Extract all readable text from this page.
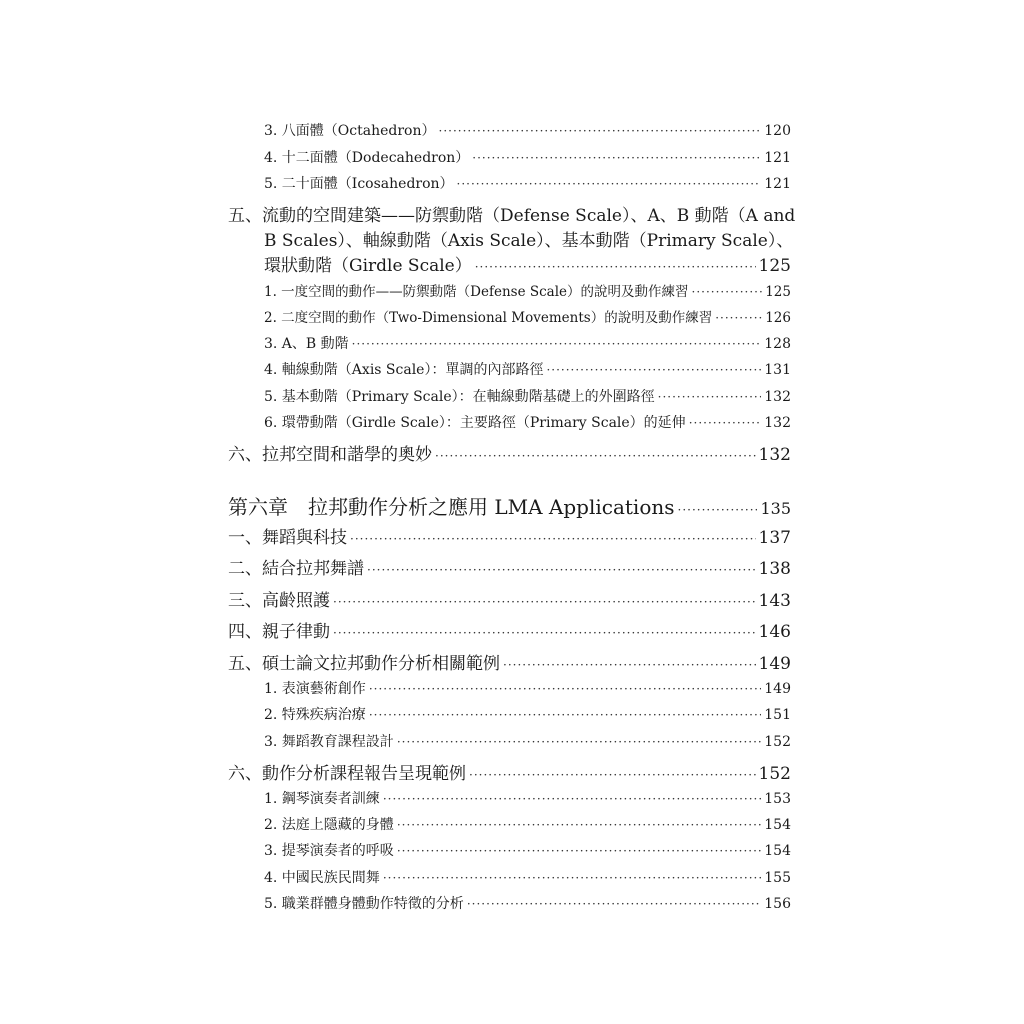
3. 八面體（Octahedron） ·····	120
4. 十二面體（Dodecahedron） ·····	121
5. 二十面體（Icosahedron） ·····	121
五、流動的空間建築——防禦動階（Defense Scale）、A、B 動階（A and
B Scales）、軸線動階（Axis Scale）、基本動階（Primary Scale）、
環狀動階（Girdle Scale） ·····	125
1. 一度空間的動作——防禦動階（Defense Scale）的說明及動作練習 ·····	125
2. 二度空間的動作（Two-Dimensional Movements）的說明及動作練習 ·····	126
3. A、B 動階 ·····	128
4. 軸線動階（Axis Scale）：單調的內部路徑 ·····	131
5. 基本動階（Primary Scale）：在軸線動階基礎上的外圍路徑 ·····	132
6. 環帶動階（Girdle Scale）：主要路徑（Primary Scale）的延伸 ·····	132
六、拉邦空間和諧學的奧妙 ·····	132
第六章　拉邦動作分析之應用 LMA Applications ·····	135
一、舞蹈與科技 ·····	137
二、結合拉邦舞譜 ·····	138
三、高齡照護 ·····	143
四、親子律動 ·····	146
五、碩士論文拉邦動作分析相關範例 ·····	149
1. 表演藝術創作 ·····	149
2. 特殊疾病治療 ·····	151
3. 舞蹈教育課程設計 ·····	152
六、動作分析課程報告呈現範例 ·····	152
1. 鋼琴演奏者訓練 ·····	153
2. 法庭上隱藏的身體 ·····	154
3. 提琴演奏者的呼吸 ·····	154
4. 中國民族民間舞 ·····	155
5. 職業群體身體動作特徵的分析 ·····	156
